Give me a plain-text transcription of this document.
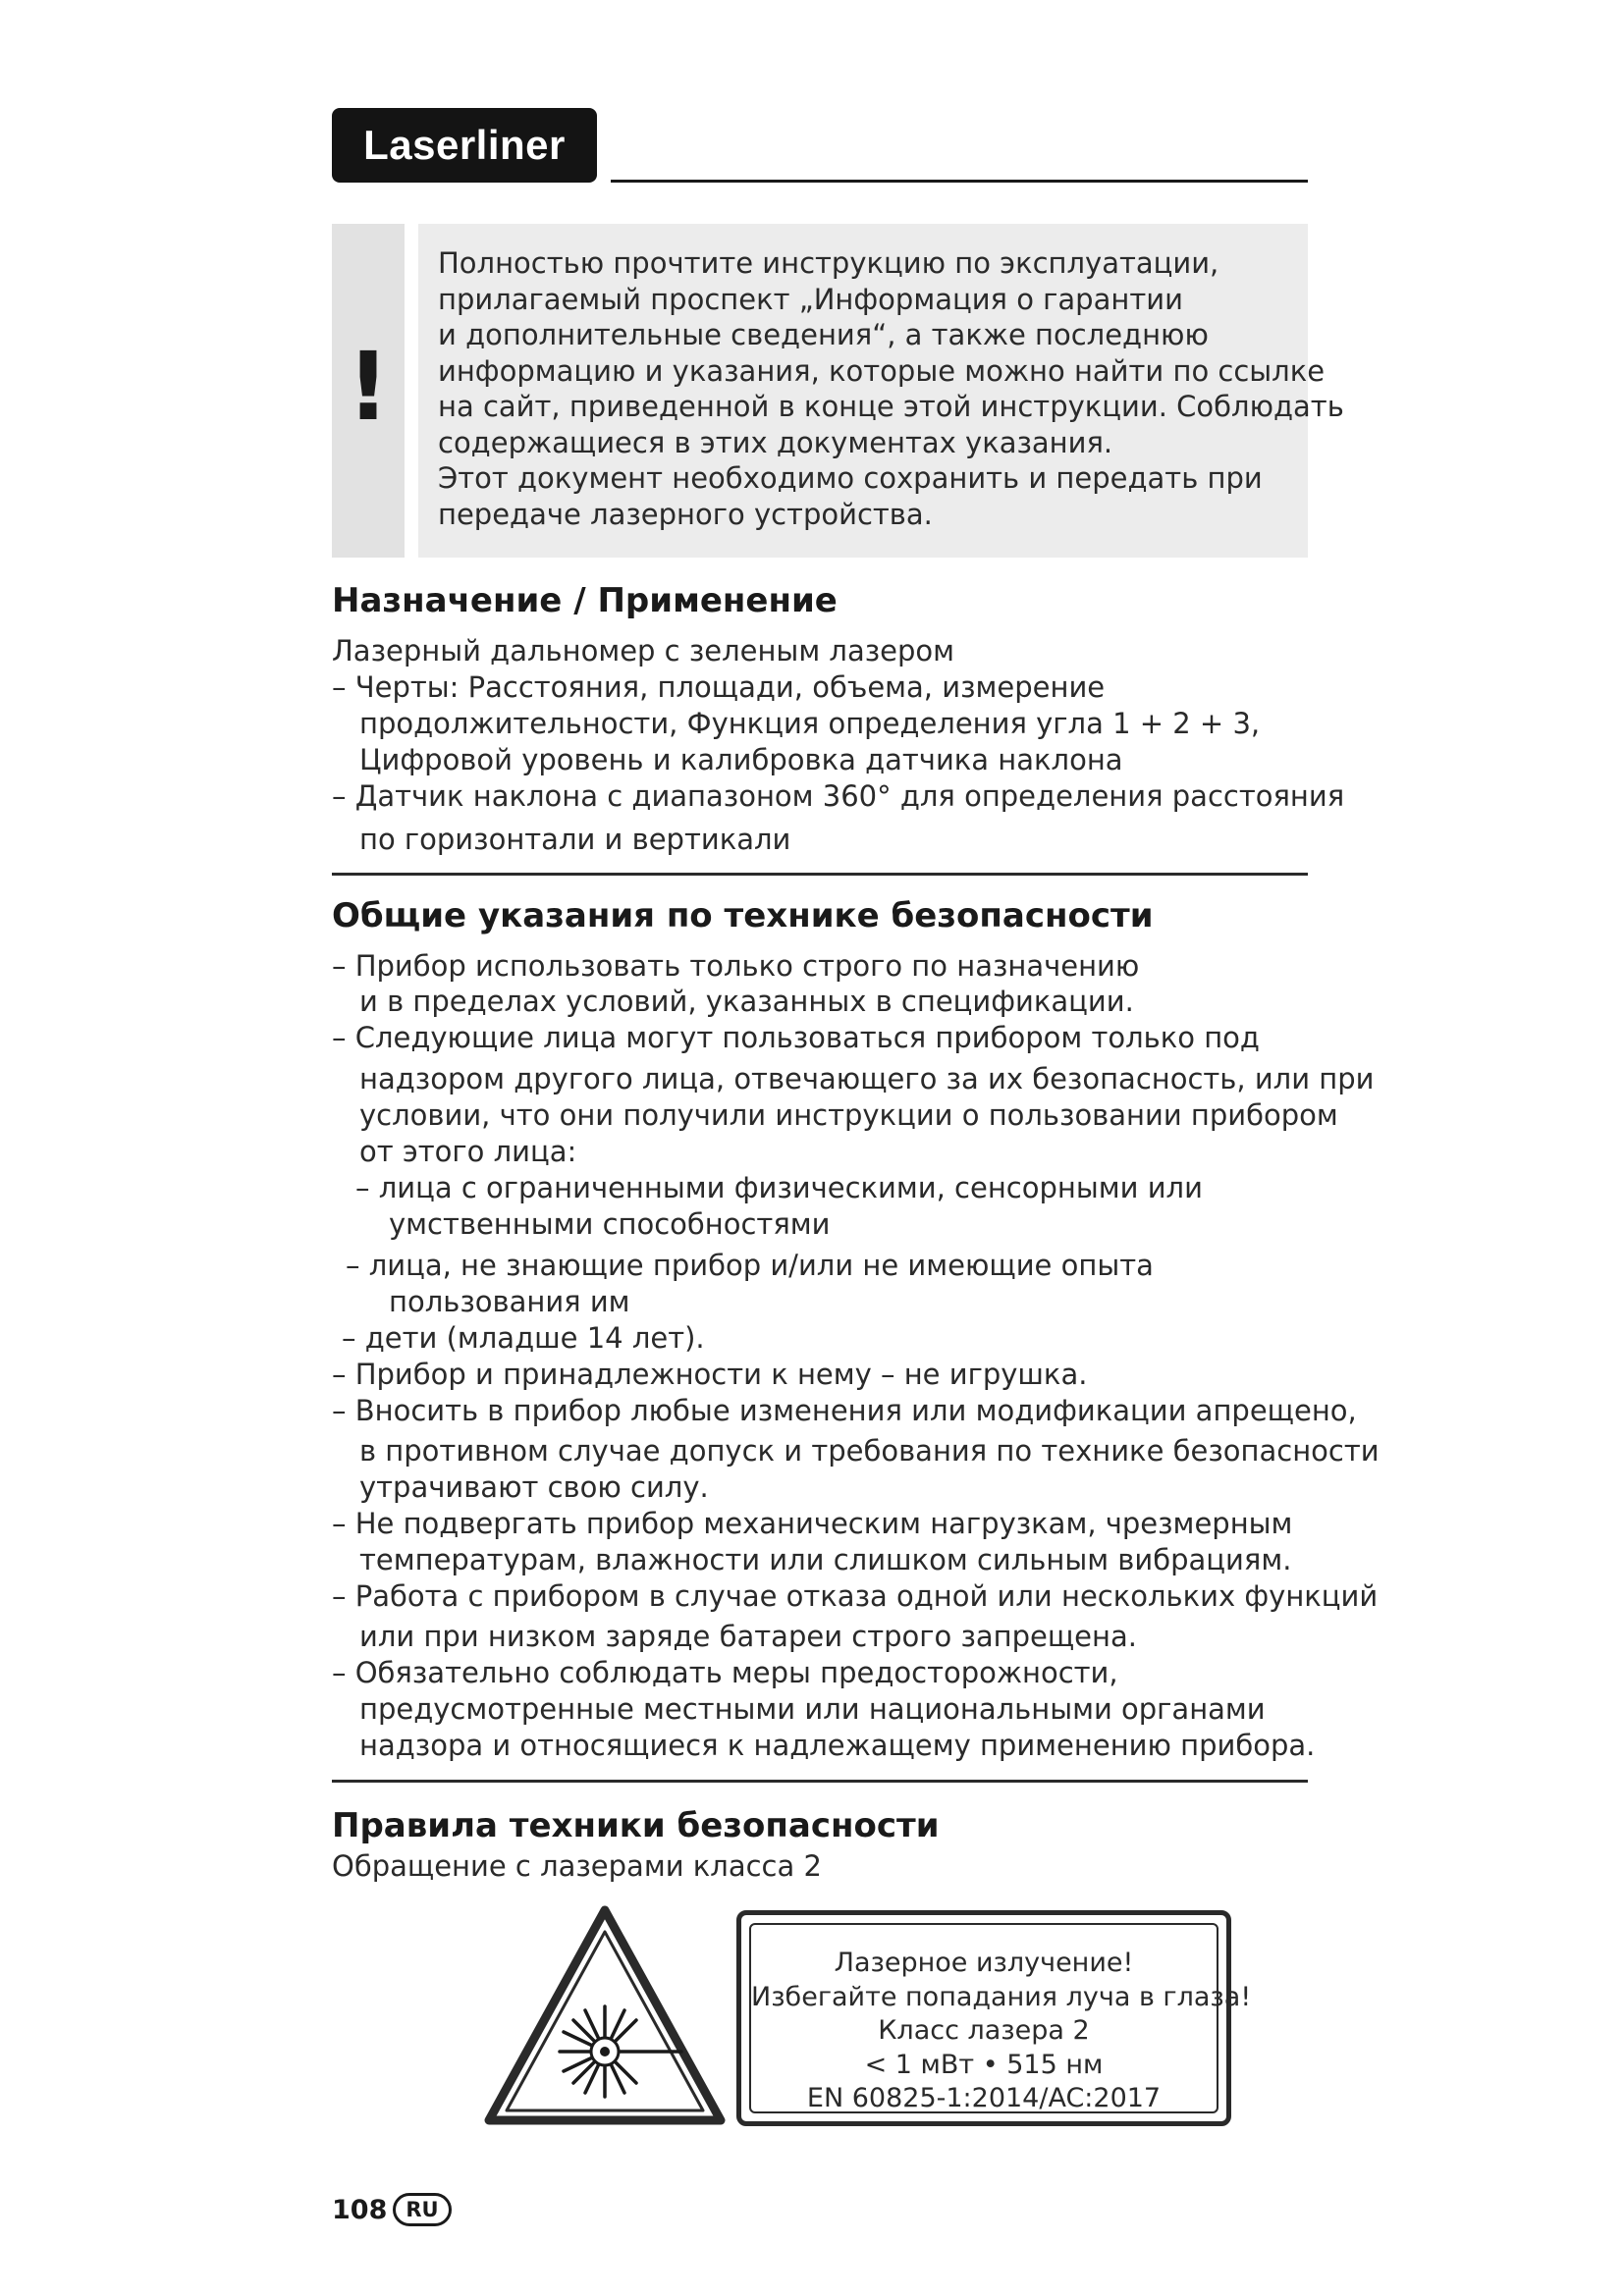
Laserliner
!
Полностью прочтите инструкцию по эксплуатации,
прилагаемый проспект „Информация о гарантии
и дополнительные сведения“, а также последнюю
информацию и указания, которые можно найти по ссылке
на сайт, приведенной в конце этой инструкции. Соблюдать
содержащиеся в этих документах указания.
Этот документ необходимо сохранить и передать при
передаче лазерного устройства.
Назначение / Применение
Лазерный дальномер с зеленым лазером
– Черты: Расстояния, площади, объема, измерение
продолжительности, Функция определения угла 1 + 2 + 3,
Цифровой уровень и калибровка датчика наклона
– Датчик наклона с диапазоном 360° для определения расстояния
по горизонтали и вертикали
Общие указания по технике безопасности
– Прибор использовать только строго по назначению
и в пределах условий, указанных в спецификации.
– Следующие лица могут пользоваться прибором только под
надзором другого лица, отвечающего за их безопасность, или при
условии, что они получили инструкции о пользовании прибором
от этого лица:
– лица с ограниченными физическими, сенсорными или
умственными способностями
– лица, не знающие прибор и/или не имеющие опыта
пользования им
– дети (младше 14 лет).
– Прибор и принадлежности к нему – не игрушка.
– Вносить в прибор любые изменения или модификации апрещено,
в противном случае допуск и требования по технике безопасности
утрачивают свою силу.
– Не подвергать прибор механическим нагрузкам, чрезмерным
температурам, влажности или слишком сильным вибрациям.
– Работа с прибором в случае отказа одной или нескольких функций
или при низком заряде батареи строго запрещена.
– Обязательно соблюдать меры предосторожности,
предусмотренные местными или национальными органами
надзора и относящиеся к надлежащему применению прибора.
Правила техники безопасности
Обращение с лазерами класса 2
Лазерное излучение!
Избегайте попадания луча в глаза!
Класс лазера 2
< 1 мВт • 515 нм
EN 60825-1:2014/AC:2017
108 RU
